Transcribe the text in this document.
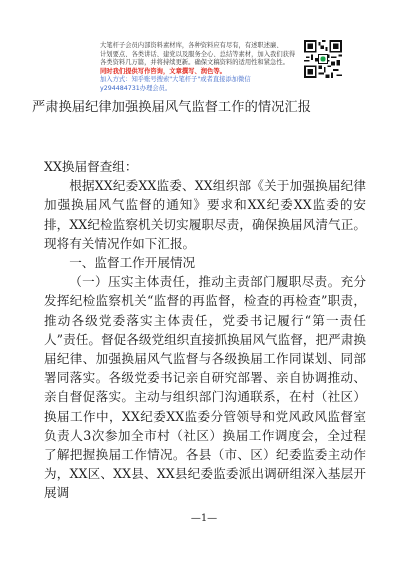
大笔杆子会员内部资料素材库，各种资料应有尽有，有述职述廉、
计划要点、各类讲话、建党以及服务全心、总结等素材，加入我们获得
各类资料几万篇，并将持续更新。确保文稿资料的适用性和紧急性。
同时我们提供写作咨询，文章撰写、润色等。
加入方式：知乎账号搜索"大笔杆子"或者直接添加微信
y294484731办理会员。
严肃换届纪律加强换届风气监督工作的情况汇报

XX换届督查组：

根据XX纪委XX监委、XX组织部《关于加强换届纪律加强换届风气监督的通知》要求和XX纪委XX监委的安排，XX纪检监察机关切实履职尽责，确保换届风清气正。现将有关情况作如下汇报。

一、监督工作开展情况

（一）压实主体责任，推动主责部门履职尽责。充分发挥纪检监察机关“监督的再监督，检查的再检查”职责，推动各级党委落实主体责任，党委书记履行“第一责任人”责任。督促各级党组织直接抓换届风气监督，把严肃换届纪律、加强换届风气监督与各级换届工作同谋划、同部署同落实。各级党委书记亲自研究部署、亲自协调推动、亲自督促落实。主动与组织部门沟通联系，在村（社区）换届工作中，XX纪委XX监委分管领导和党风政风监督室负责人3次参加全市村（社区）换届工作调度会，全过程了解把握换届工作情况。各县（市、区）纪委监委主动作为，XX区、XX县、XX县纪委监委派出调研组深入基层开展调

—1—
